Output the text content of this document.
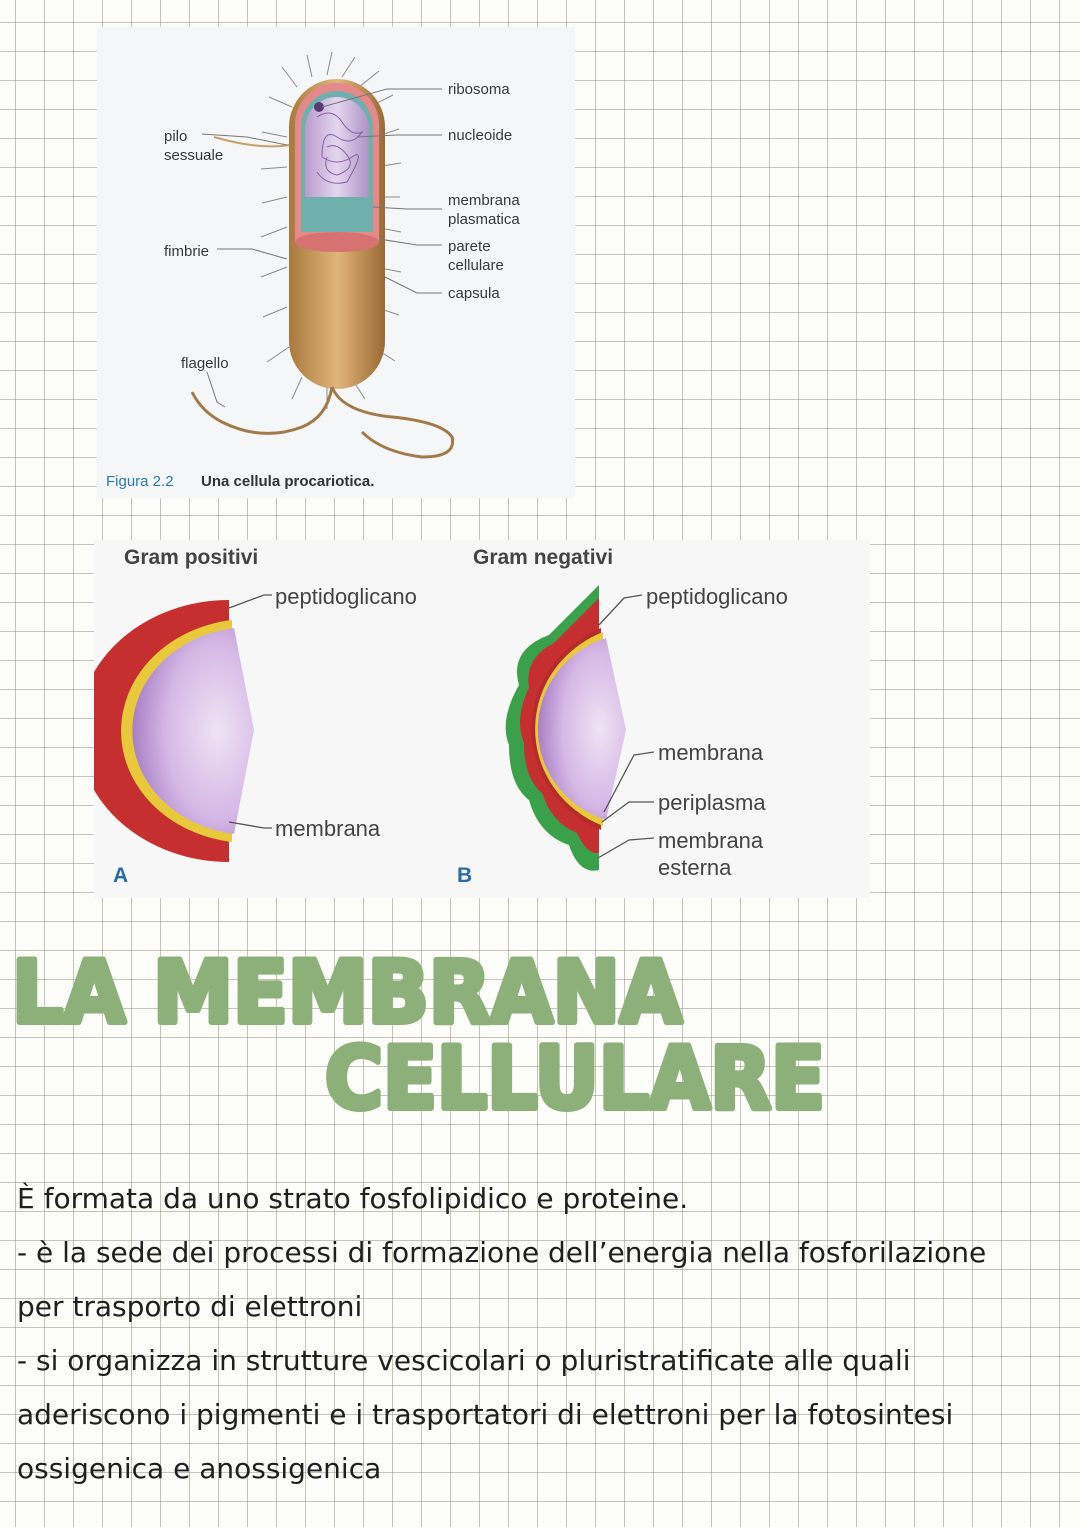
ribosoma
nucleoide
membrana
plasmatica
parete
cellulare
capsula
pilo
sessuale
fimbrie
flagello
Figura 2.2 Una cellula procariotica.
Gram positivi
peptidoglicano
membrana
A
Gram negativi
peptidoglicano
membrana
periplasma
membrana
esterna
B
LA MEMBRANA
CELLULARE

È formata da uno strato fosfolipidico e proteine.

- è la sede dei processi di formazione dell’energia nella fosforilazione

per trasporto di elettroni

- si organizza in strutture vescicolari o pluristratificate alle quali

aderiscono i pigmenti e i trasportatori di elettroni per la fotosintesi

ossigenica e anossigenica
